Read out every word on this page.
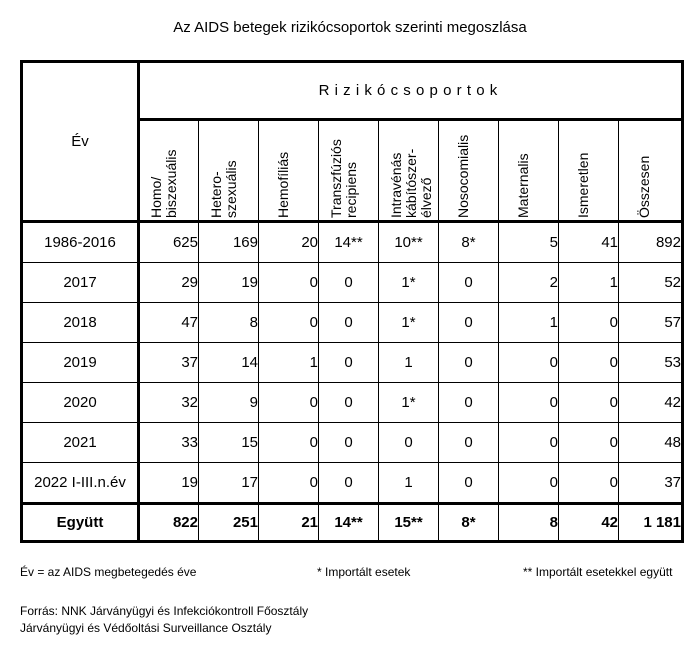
Az AIDS betegek rizikócsoportok szerinti megoszlása
Év	Rizikócsoportok								

	Homo/ biszexuális	Hetero- szexuális	Hemofíliás	Transzfúziós recipiens	Intravénás kábítószer- élvező	Nosocomialis	Maternalis	Ismeretlen	Összesen

1986-2016	625	169	20	14**	10**	8*	5	41	892
2017	29	19	0	0	1*	0	2	1	52
2018	47	8	0	0	1*	0	1	0	57
2019	37	14	1	0	1	0	0	0	53
2020	32	9	0	0	1*	0	0	0	42
2021	33	15	0	0	0	0	0	0	48
2022 I-III.n.év	19	17	0	0	1	0	0	0	37
Együtt	822	251	21	14**	15**	8*	8	42	1 181
Év = az AIDS megbetegedés éve	* Importált esetek	** Importált esetekkel együtt
Forrás: NNK Járványügyi és Infekciókontroll Főosztály
Járványügyi és Védőoltási Surveillance Osztály
